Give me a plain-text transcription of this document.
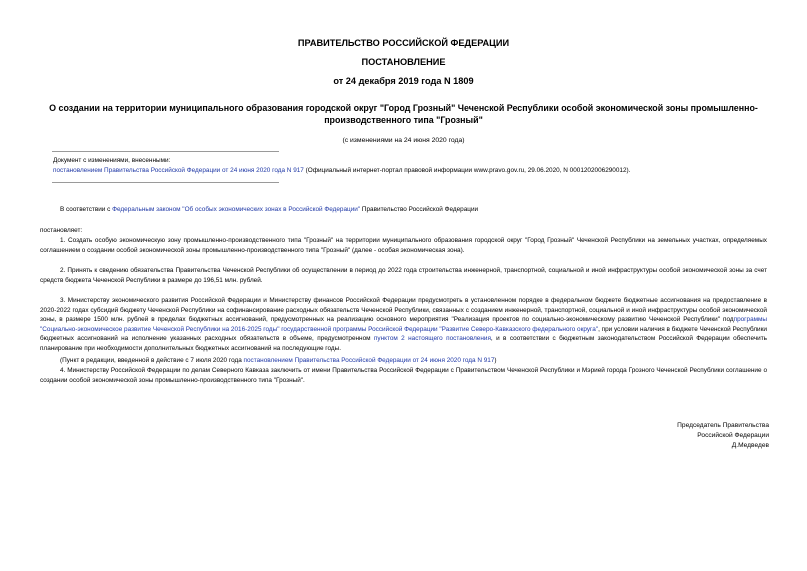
ПРАВИТЕЛЬСТВО РОССИЙСКОЙ ФЕДЕРАЦИИ
ПОСТАНОВЛЕНИЕ
от 24 декабря 2019 года N 1809
О создании на территории муниципального образования городской округ "Город Грозный" Чеченской Республики особой экономической зоны промышленно-
производственного типа "Грозный"
(с изменениями на 24 июня 2020 года)
Документ с изменениями, внесенными:
постановлением Правительства Российской Федерации от 24 июня 2020 года N 917 (Официальный интернет-портал правовой информации www.pravo.gov.ru, 29.06.2020, N 0001202006290012).
В соответствии с Федеральным законом "Об особых экономических зонах в Российской Федерации" Правительство Российской Федерации
постановляет:
1. Создать особую экономическую зону промышленно-производственного типа "Грозный" на территории муниципального образования городской округ "Город Грозный" Чеченской Республики на земельных участках, определяемых соглашением о создании особой экономической зоны промышленно-производственного типа "Грозный" (далее - особая экономическая зона).
2. Принять к сведению обязательства Правительства Чеченской Республики об осуществлении в период до 2022 года строительства инженерной, транспортной, социальной и иной инфраструктуры особой экономической зоны за счет средств бюджета Чеченской Республики в размере до 196,51 млн. рублей.
3. Министерству экономического развития Российской Федерации и Министерству финансов Российской Федерации предусмотреть в установленном порядке в федеральном бюджете бюджетные ассигнования на предоставление в 2020-2022 годах субсидий бюджету Чеченской Республики на софинансирование расходных обязательств Чеченской Республики, связанных с созданием инженерной, транспортной, социальной и иной инфраструктуры особой экономической зоны, в размере 1500 млн. рублей в пределах бюджетных ассигнований, предусмотренных на реализацию основного мероприятия "Реализация проектов по социально-экономическому развитию Чеченской Республики" подпрограммы "Социально-экономическое развитие Чеченской Республики на 2016-2025 годы" государственной программы Российской Федерации "Развитие Северо-Кавказского федерального округа", при условии наличия в бюджете Чеченской Республики бюджетных ассигнований на исполнение указанных расходных обязательств в объеме, предусмотренном пунктом 2 настоящего постановления, и в соответствии с бюджетным законодательством Российской Федерации обеспечить планирование при необходимости дополнительных бюджетных ассигнований на последующие годы.
(Пункт в редакции, введенной в действие с 7 июля 2020 года постановлением Правительства Российской Федерации от 24 июня 2020 года N 917)
4. Министерству Российской Федерации по делам Северного Кавказа заключить от имени Правительства Российской Федерации с Правительством Чеченской Республики и Мэрией города Грозного Чеченской Республики соглашение о создании особой экономической зоны промышленно-производственного типа "Грозный".
Председатель Правительства
Российской Федерации
Д.Медведев
